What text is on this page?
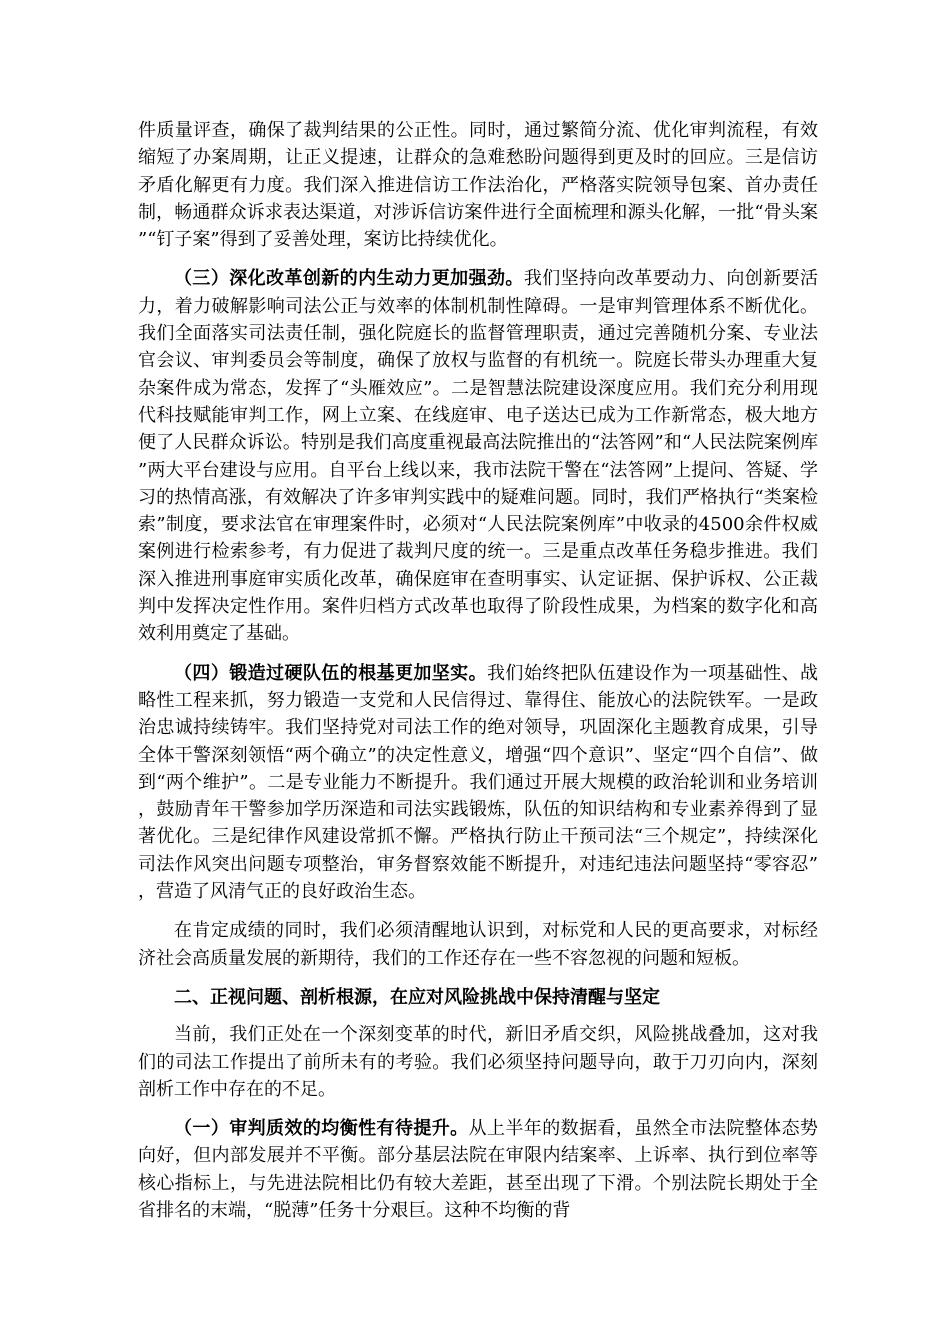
件质量评查，确保了裁判结果的公正性。同时，通过繁简分流、优化审判流程，有效缩短了办案周期，让正义提速，让群众的急难愁盼问题得到更及时的回应。三是信访矛盾化解更有力度。我们深入推进信访工作法治化，严格落实院领导包案、首办责任制，畅通群众诉求表达渠道，对涉诉信访案件进行全面梳理和源头化解，一批“骨头案”“钉子案”得到了妥善处理，案访比持续优化。

（三）深化改革创新的内生动力更加强劲。我们坚持向改革要动力、向创新要活力，着力破解影响司法公正与效率的体制机制性障碍。一是审判管理体系不断优化。我们全面落实司法责任制，强化院庭长的监督管理职责，通过完善随机分案、专业法官会议、审判委员会等制度，确保了放权与监督的有机统一。院庭长带头办理重大复杂案件成为常态，发挥了“头雁效应”。二是智慧法院建设深度应用。我们充分利用现代科技赋能审判工作，网上立案、在线庭审、电子送达已成为工作新常态，极大地方便了人民群众诉讼。特别是我们高度重视最高法院推出的“法答网”和“人民法院案例库”两大平台建设与应用。自平台上线以来，我市法院干警在“法答网”上提问、答疑、学习的热情高涨，有效解决了许多审判实践中的疑难问题。同时，我们严格执行“类案检索”制度，要求法官在审理案件时，必须对“人民法院案例库”中收录的4500余件权威案例进行检索参考，有力促进了裁判尺度的统一。三是重点改革任务稳步推进。我们深入推进刑事庭审实质化改革，确保庭审在查明事实、认定证据、保护诉权、公正裁判中发挥决定性作用。案件归档方式改革也取得了阶段性成果，为档案的数字化和高效利用奠定了基础。

（四）锻造过硬队伍的根基更加坚实。我们始终把队伍建设作为一项基础性、战略性工程来抓，努力锻造一支党和人民信得过、靠得住、能放心的法院铁军。一是政治忠诚持续铸牢。我们坚持党对司法工作的绝对领导，巩固深化主题教育成果，引导全体干警深刻领悟“两个确立”的决定性意义，增强“四个意识”、坚定“四个自信”、做到“两个维护”。二是专业能力不断提升。我们通过开展大规模的政治轮训和业务培训，鼓励青年干警参加学历深造和司法实践锻炼，队伍的知识结构和专业素养得到了显著优化。三是纪律作风建设常抓不懈。严格执行防止干预司法“三个规定”，持续深化司法作风突出问题专项整治，审务督察效能不断提升，对违纪违法问题坚持“零容忍”，营造了风清气正的良好政治生态。

在肯定成绩的同时，我们必须清醒地认识到，对标党和人民的更高要求，对标经济社会高质量发展的新期待，我们的工作还存在一些不容忽视的问题和短板。

二、正视问题、剖析根源，在应对风险挑战中保持清醒与坚定

当前，我们正处在一个深刻变革的时代，新旧矛盾交织，风险挑战叠加，这对我们的司法工作提出了前所未有的考验。我们必须坚持问题导向，敢于刀刃向内，深刻剖析工作中存在的不足。

（一）审判质效的均衡性有待提升。从上半年的数据看，虽然全市法院整体态势向好，但内部发展并不平衡。部分基层法院在审限内结案率、上诉率、执行到位率等核心指标上，与先进法院相比仍有较大差距，甚至出现了下滑。个别法院长期处于全省排名的末端，“脱薄”任务十分艰巨。这种不均衡的背
